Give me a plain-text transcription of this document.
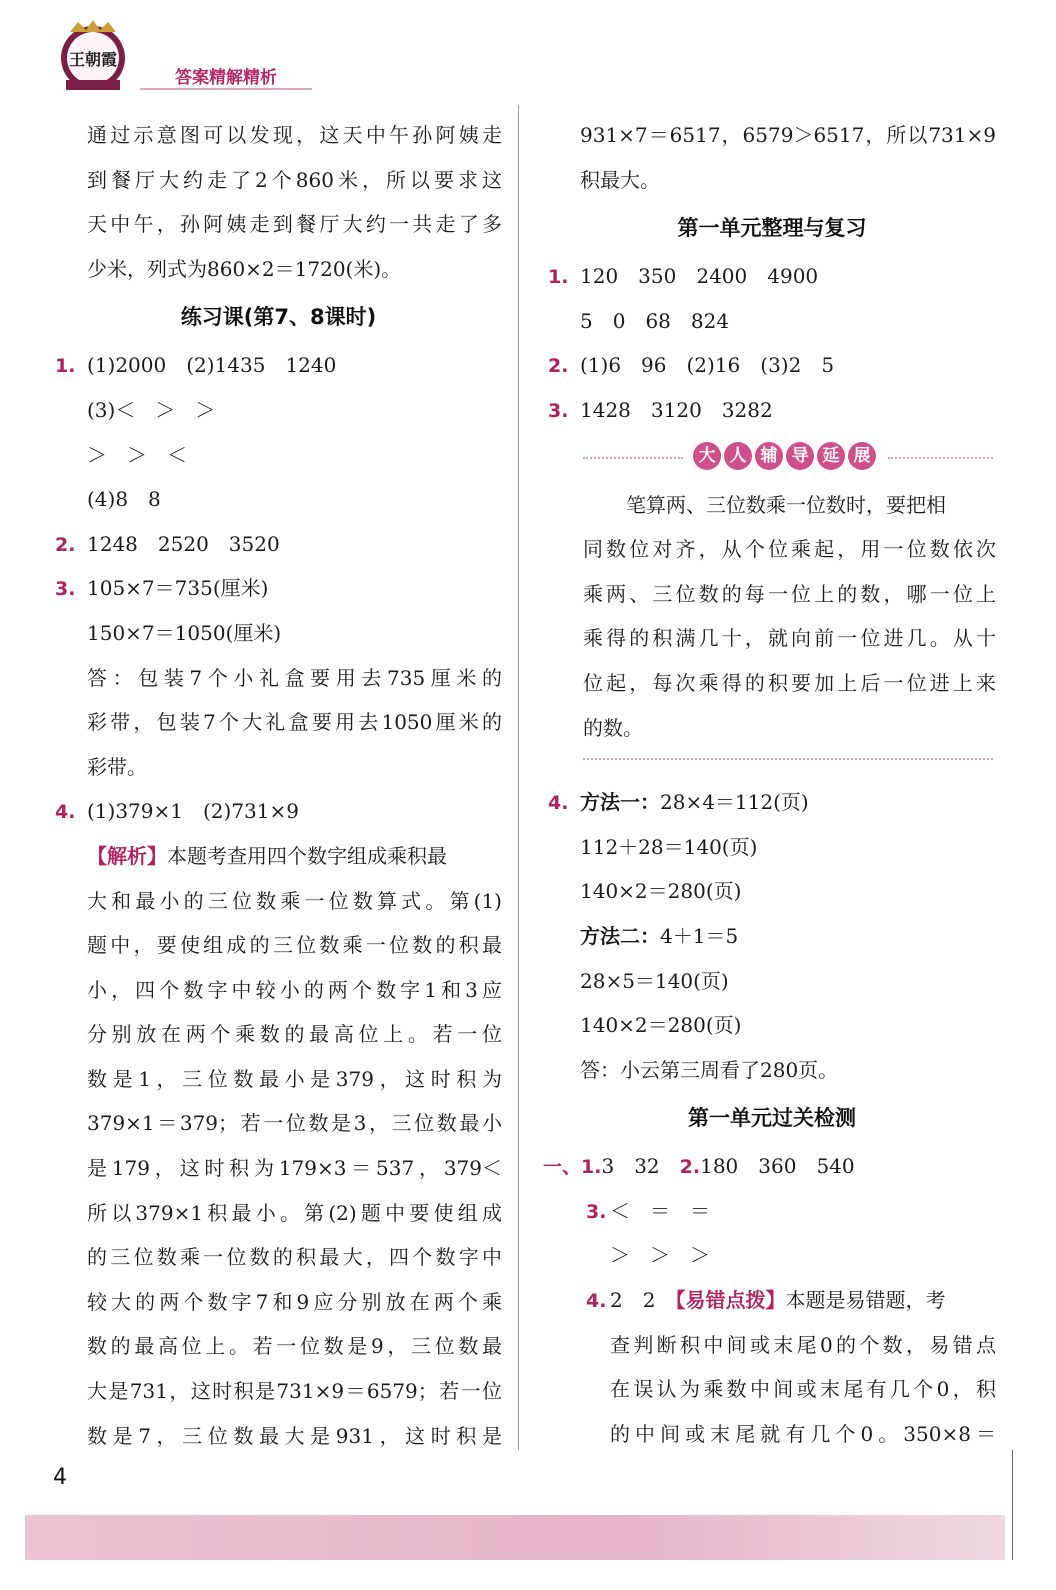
王朝霞
答案精解精析
通过示意图可以发现，这天中午孙阿姨走
到餐厅大约走了2个860米，所以要求这
天中午，孙阿姨走到餐厅大约一共走了多
少米，列式为860×2＝1720(米)。
练习课(第7、8课时)
1. (1)2000　(2)1435　1240
(3)＜　＞　＞
＞　＞　＜
(4)8　8
2. 1248　2520　3520
3. 105×7＝735(厘米)
150×7＝1050(厘米)
答：包装7个小礼盒要用去735厘米的
彩带，包装7个大礼盒要用去1050厘米的
彩带。
4. (1)379×1　(2)731×9
【解析】本题考查用四个数字组成乘积最
大和最小的三位数乘一位数算式。第(1)
题中，要使组成的三位数乘一位数的积最
小，四个数字中较小的两个数字1和3应
分别放在两个乘数的最高位上。若一位
数是1，三位数最小是379，这时积为
379×1＝379；若一位数是3，三位数最小
是179，这时积为179×3＝537，379＜
所以379×1积最小。第(2)题中要使组成
的三位数乘一位数的积最大，四个数字中
较大的两个数字7和9应分别放在两个乘
数的最高位上。若一位数是9，三位数最
大是731，这时积是731×9＝6579；若一位
数是7，三位数最大是931，这时积是
931×7＝6517，6579＞6517，所以731×9
积最大。
第一单元整理与复习
1. 120　350　2400　4900
5　0　68　824
2. (1)6　96　(2)16　(3)2　5
3. 1428　3120　3282
大 人 辅 导 延 展
笔算两、三位数乘一位数时，要把相
同数位对齐，从个位乘起，用一位数依次
乘两、三位数的每一位上的数，哪一位上
乘得的积满几十，就向前一位进几。从十
位起，每次乘得的积要加上后一位进上来
的数。
4. 方法一：28×4＝112(页)
112＋28＝140(页)
140×2＝280(页)
方法二：4＋1＝5
28×5＝140(页)
140×2＝280(页)
答：小云第三周看了280页。
第一单元过关检测
一、1.3　32　2.180　360　540
3. ＜　＝　＝
＞　＞　＞
4. 2　2　【易错点拨】本题是易错题，考
查判断积中间或末尾0的个数，易错点
在误认为乘数中间或末尾有几个0，积
的中间或末尾就有几个0。350×8＝
4
